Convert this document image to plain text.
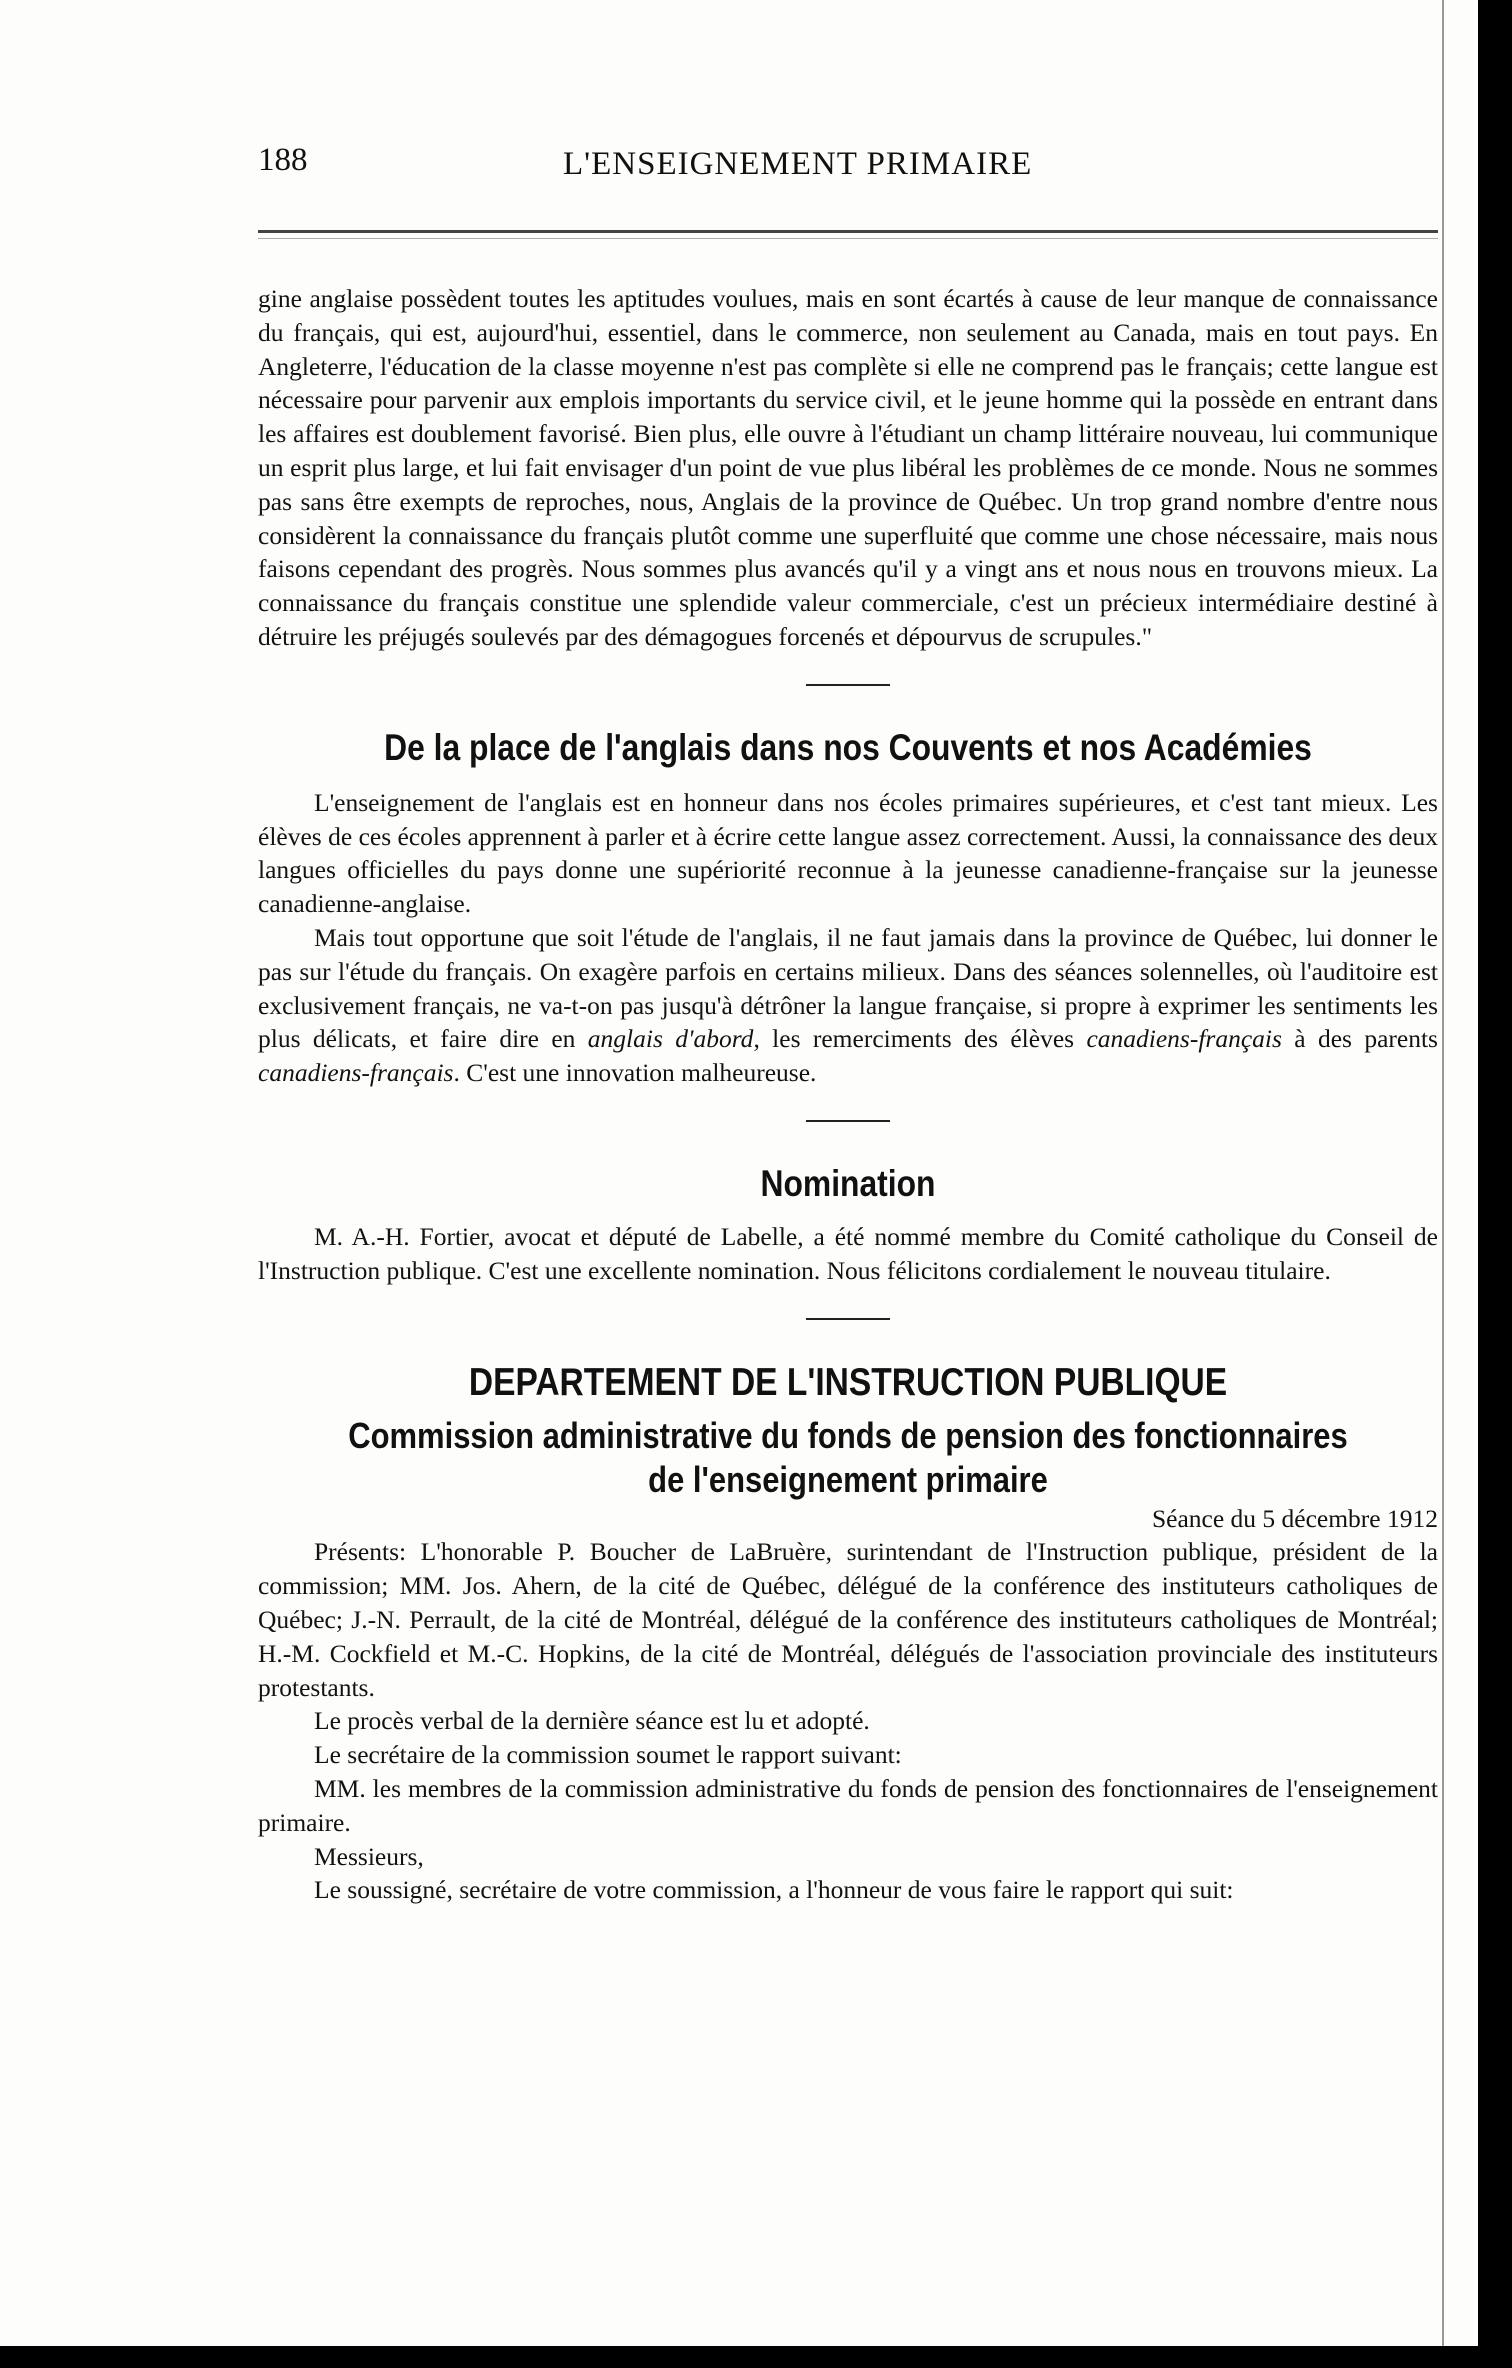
188	L'ENSEIGNEMENT PRIMAIRE

gine anglaise possèdent toutes les aptitudes voulues, mais en sont écartés à cause de leur manque de connaissance du français, qui est, aujourd'hui, essentiel, dans le commerce, non seulement au Canada, mais en tout pays. En Angleterre, l'éducation de la classe moyenne n'est pas complète si elle ne comprend pas le français; cette langue est nécessaire pour parvenir aux emplois importants du service civil, et le jeune homme qui la possède en entrant dans les affaires est doublement favorisé. Bien plus, elle ouvre à l'étudiant un champ littéraire nouveau, lui communique un esprit plus large, et lui fait envisager d'un point de vue plus libéral les problèmes de ce monde. Nous ne sommes pas sans être exempts de reproches, nous, Anglais de la province de Québec. Un trop grand nombre d'entre nous considèrent la connaissance du français plutôt comme une superfluité que comme une chose nécessaire, mais nous faisons cependant des progrès. Nous sommes plus avancés qu'il y a vingt ans et nous nous en trouvons mieux. La connaissance du français constitue une splendide valeur commerciale, c'est un précieux intermédiaire destiné à détruire les préjugés soulevés par des démagogues forcenés et dépourvus de scrupules."

De la place de l'anglais dans nos Couvents et nos Académies

L'enseignement de l'anglais est en honneur dans nos écoles primaires supérieures, et c'est tant mieux. Les élèves de ces écoles apprennent à parler et à écrire cette langue assez correctement. Aussi, la connaissance des deux langues officielles du pays donne une supériorité reconnue à la jeunesse canadienne-française sur la jeunesse canadienne-anglaise.

Mais tout opportune que soit l'étude de l'anglais, il ne faut jamais dans la province de Québec, lui donner le pas sur l'étude du français. On exagère parfois en certains milieux. Dans des séances solennelles, où l'auditoire est exclusivement français, ne va-t-on pas jusqu'à détrôner la langue française, si propre à exprimer les sentiments les plus délicats, et faire dire en anglais d'abord, les remerciments des élèves canadiens-français à des parents canadiens-français. C'est une innovation malheureuse.

Nomination

M. A.-H. Fortier, avocat et député de Labelle, a été nommé membre du Comité catholique du Conseil de l'Instruction publique. C'est une excellente nomination. Nous félicitons cordialement le nouveau titulaire.

DEPARTEMENT DE L'INSTRUCTION PUBLIQUE
Commission administrative du fonds de pension des fonctionnaires
de l'enseignement primaire

Séance du 5 décembre 1912

Présents: L'honorable P. Boucher de LaBruère, surintendant de l'Instruction publique, président de la commission; MM. Jos. Ahern, de la cité de Québec, délégué de la conférence des instituteurs catholiques de Québec; J.-N. Perrault, de la cité de Montréal, délégué de la conférence des instituteurs catholiques de Montréal; H.-M. Cockfield et M.-C. Hopkins, de la cité de Montréal, délégués de l'association provinciale des instituteurs protestants.

Le procès verbal de la dernière séance est lu et adopté.

Le secrétaire de la commission soumet le rapport suivant:

MM. les membres de la commission administrative du fonds de pension des fonctionnaires de l'enseignement primaire.

Messieurs,

Le soussigné, secrétaire de votre commission, a l'honneur de vous faire le rapport qui suit:
